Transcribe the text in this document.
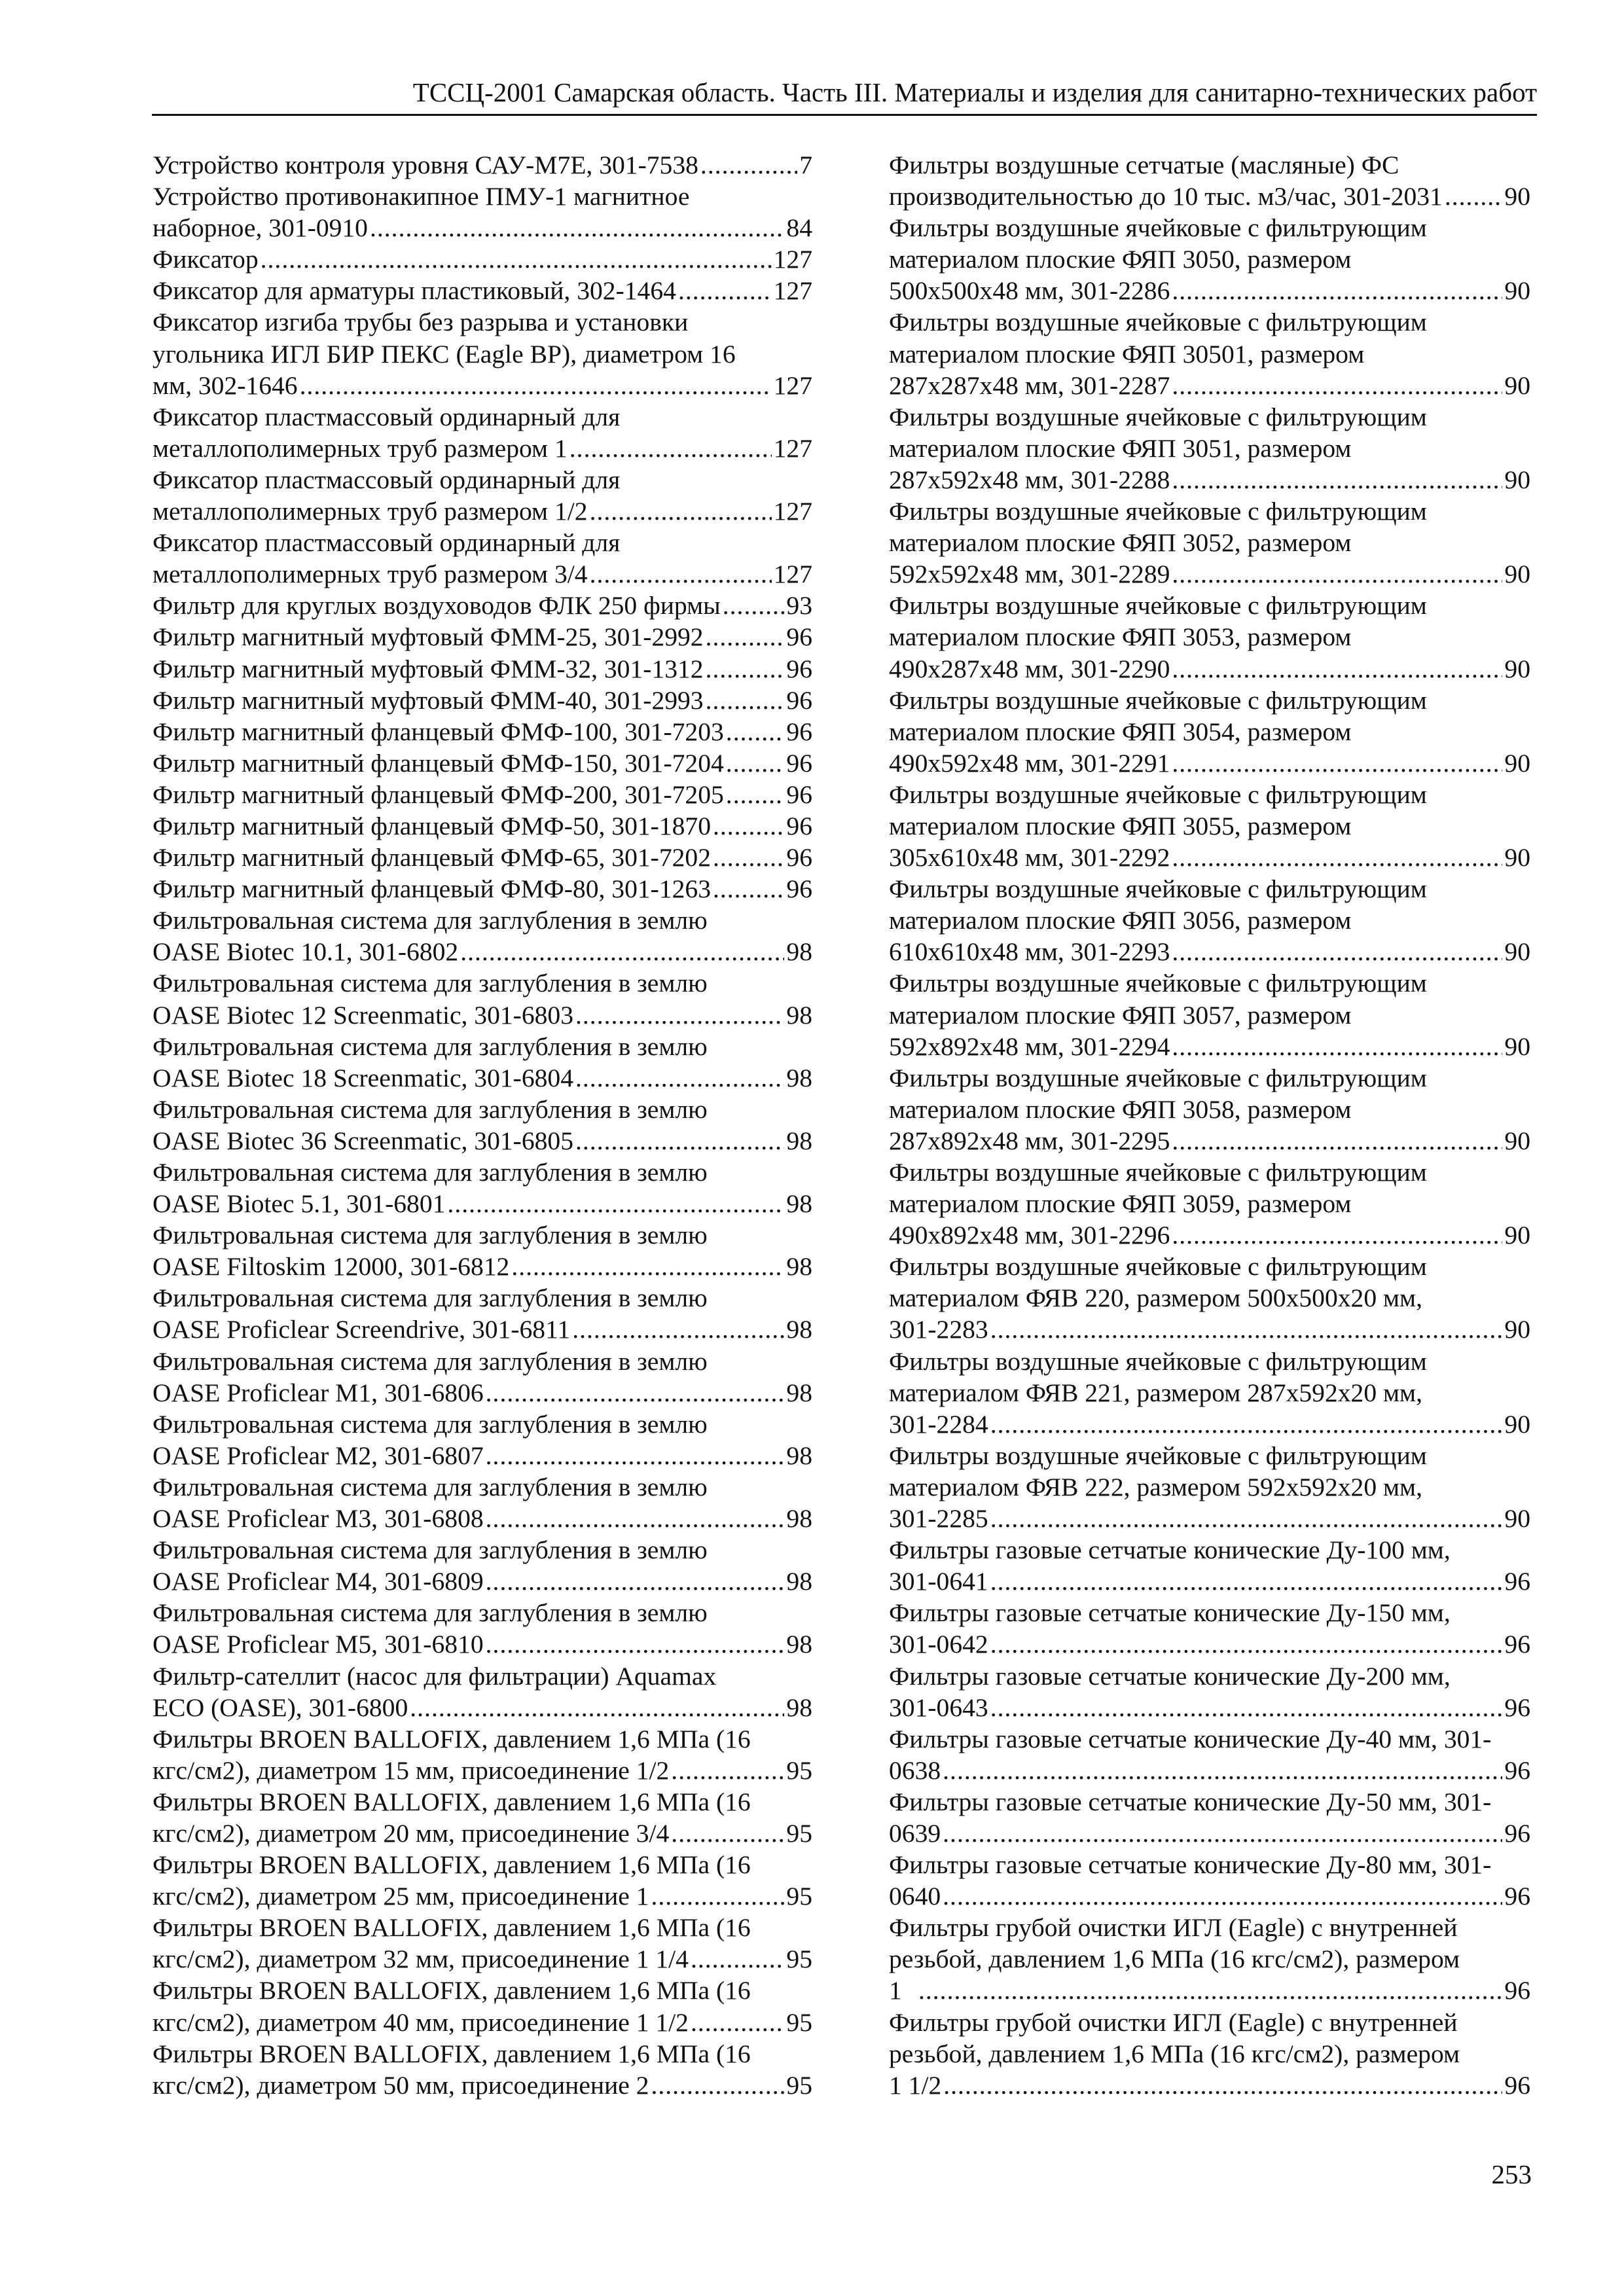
ТССЦ-2001 Самарская область. Часть III. Материалы и изделия для санитарно-технических работ
Устройство контроля уровня САУ-М7Е, 301-7538 .....	7
Устройство противонакипное ПМУ-1 магнитное
наборное, 301-0910 .....	84
Фиксатор .....	127
Фиксатор для арматуры пластиковый, 302-1464 .....	127
Фиксатор изгиба трубы без разрыва и установки
угольника ИГЛ БИР ПЕКС (Eagle BP), диаметром 16
мм, 302-1646 .....	127
Фиксатор пластмассовый ординарный для
металлополимерных труб размером 1 .....	127
Фиксатор пластмассовый ординарный для
металлополимерных труб размером 1/2 .....	127
Фиксатор пластмассовый ординарный для
металлополимерных труб размером 3/4 .....	127
Фильтр для круглых воздуховодов ФЛК 250 фирмы .....	93
Фильтр магнитный муфтовый ФММ-25, 301-2992 .....	96
Фильтр магнитный муфтовый ФММ-32, 301-1312 .....	96
Фильтр магнитный муфтовый ФММ-40, 301-2993 .....	96
Фильтр магнитный фланцевый ФМФ-100, 301-7203 ..... 96
Фильтр магнитный фланцевый ФМФ-150, 301-7204 ..... 96
Фильтр магнитный фланцевый ФМФ-200, 301-7205 ..... 96
Фильтр магнитный фланцевый ФМФ-50, 301-1870 .....	96
Фильтр магнитный фланцевый ФМФ-65, 301-7202 .....	96
Фильтр магнитный фланцевый ФМФ-80, 301-1263 .....	96
Фильтровальная система для заглубления в землю
OASE Biotec 10.1, 301-6802 .....	98
Фильтровальная система для заглубления в землю
OASE Biotec 12 Screenmatic, 301-6803 .....	98
Фильтровальная система для заглубления в землю
OASE Biotec 18 Screenmatic, 301-6804 .....	98
Фильтровальная система для заглубления в землю
OASE Biotec 36 Screenmatic, 301-6805 .....	98
Фильтровальная система для заглубления в землю
OASE Biotec 5.1, 301-6801 .....	98
Фильтровальная система для заглубления в землю
OASE Filtoskim 12000, 301-6812 .....	98
Фильтровальная система для заглубления в землю
OASE Proficlear Screendrive, 301-6811 .....	98
Фильтровальная система для заглубления в землю
OASE Proficlear M1, 301-6806 .....	98
Фильтровальная система для заглубления в землю
OASE Proficlear M2, 301-6807 .....	98
Фильтровальная система для заглубления в землю
OASE Proficlear M3, 301-6808 .....	98
Фильтровальная система для заглубления в землю
OASE Proficlear M4, 301-6809 .....	98
Фильтровальная система для заглубления в землю
OASE Proficlear M5, 301-6810 .....	98
Фильтр-сателлит (насос для фильтрации) Aquamax
ECO (OASE), 301-6800 .....	98
Фильтры BROEN BALLOFIX, давлением 1,6 МПа (16
кгс/см2), диаметром 15 мм, присоединение 1/2 .....	95
Фильтры BROEN BALLOFIX, давлением 1,6 МПа (16
кгс/см2), диаметром 20 мм, присоединение 3/4 .....	95
Фильтры BROEN BALLOFIX, давлением 1,6 МПа (16
кгс/см2), диаметром 25 мм, присоединение 1 .....	95
Фильтры BROEN BALLOFIX, давлением 1,6 МПа (16
кгс/см2), диаметром 32 мм, присоединение 1 1/4 .....	95
Фильтры BROEN BALLOFIX, давлением 1,6 МПа (16
кгс/см2), диаметром 40 мм, присоединение 1 1/2 .....	95
Фильтры BROEN BALLOFIX, давлением 1,6 МПа (16
кгс/см2), диаметром 50 мм, присоединение 2 .....	95
Фильтры воздушные сетчатые (масляные) ФС
производительностью до 10 тыс. м3/час, 301-2031 ..... 90
Фильтры воздушные ячейковые с фильтрующим
материалом плоские ФЯП 3050, размером
500x500x48 мм, 301-2286 .....	90
Фильтры воздушные ячейковые с фильтрующим
материалом плоские ФЯП 30501, размером
287x287x48 мм, 301-2287 .....	90
Фильтры воздушные ячейковые с фильтрующим
материалом плоские ФЯП 3051, размером
287x592x48 мм, 301-2288 .....	90
Фильтры воздушные ячейковые с фильтрующим
материалом плоские ФЯП 3052, размером
592x592x48 мм, 301-2289 .....	90
Фильтры воздушные ячейковые с фильтрующим
материалом плоские ФЯП 3053, размером
490x287x48 мм, 301-2290 .....	90
Фильтры воздушные ячейковые с фильтрующим
материалом плоские ФЯП 3054, размером
490x592x48 мм, 301-2291 .....	90
Фильтры воздушные ячейковые с фильтрующим
материалом плоские ФЯП 3055, размером
305x610x48 мм, 301-2292 .....	90
Фильтры воздушные ячейковые с фильтрующим
материалом плоские ФЯП 3056, размером
610x610x48 мм, 301-2293 .....	90
Фильтры воздушные ячейковые с фильтрующим
материалом плоские ФЯП 3057, размером
592x892x48 мм, 301-2294 .....	90
Фильтры воздушные ячейковые с фильтрующим
материалом плоские ФЯП 3058, размером
287x892x48 мм, 301-2295 .....	90
Фильтры воздушные ячейковые с фильтрующим
материалом плоские ФЯП 3059, размером
490x892x48 мм, 301-2296 .....	90
Фильтры воздушные ячейковые с фильтрующим
материалом ФЯВ 220, размером 500x500x20 мм,
301-2283 .....	90
Фильтры воздушные ячейковые с фильтрующим
материалом ФЯВ 221, размером 287x592x20 мм,
301-2284 .....	90
Фильтры воздушные ячейковые с фильтрующим
материалом ФЯВ 222, размером 592x592x20 мм,
301-2285 .....	90
Фильтры газовые сетчатые конические Ду-100 мм,
301-0641 .....	96
Фильтры газовые сетчатые конические Ду-150 мм,
301-0642 .....	96
Фильтры газовые сетчатые конические Ду-200 мм,
301-0643 .....	96
Фильтры газовые сетчатые конические Ду-40 мм, 301-
0638 .....	96
Фильтры газовые сетчатые конические Ду-50 мм, 301-
0639 .....	96
Фильтры газовые сетчатые конические Ду-80 мм, 301-
0640 .....	96
Фильтры грубой очистки ИГЛ (Eagle) с внутренней
резьбой, давлением 1,6 МПа (16 кгс/см2), размером
1 .....	96
Фильтры грубой очистки ИГЛ (Eagle) с внутренней
резьбой, давлением 1,6 МПа (16 кгс/см2), размером
1 1/2 .....	96
253
